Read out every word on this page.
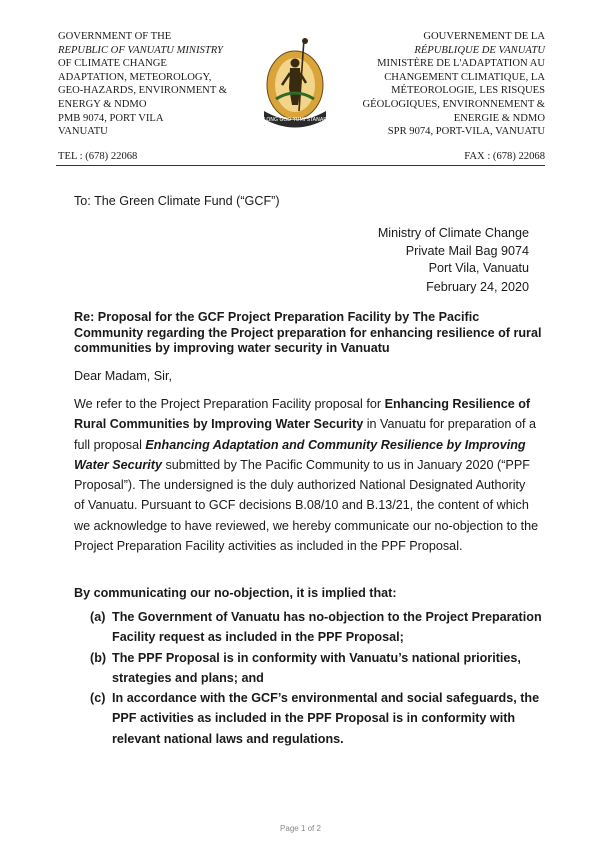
GOVERNMENT OF THE
REPUBLIC OF VANUATU MINISTRY
OF CLIMATE CHANGE
ADAPTATION, METEOROLOGY,
GEO-HAZARDS, ENVIRONMENT &
ENERGY & NDMO
PMB 9074, PORT VILA
VANUATU
LONG GOD YUMI STANAP
GOUVERNEMENT DE LA
RÉPUBLIQUE DE VANUATU
MINISTÈRE DE L'ADAPTATION AU
CHANGEMENT CLIMATIQUE, LA
MÉTEOROLOGIE, LES RISQUES
GÉOLOGIQUES, ENVIRONNEMENT &
ENERGIE & NDMO
SPR 9074, PORT-VILA, VANUATU
TEL : (678) 22068	FAX : (678) 22068
To: The Green Climate Fund (“GCF”)
Ministry of Climate Change
Private Mail Bag 9074
Port Vila, Vanuatu
February 24, 2020
Re: Proposal for the GCF Project Preparation Facility by The Pacific Community regarding the Project preparation for enhancing resilience of rural communities by improving water security in Vanuatu
Dear Madam, Sir,
We refer to the Project Preparation Facility proposal for Enhancing Resilience of Rural Communities by Improving Water Security in Vanuatu for preparation of a full proposal Enhancing Adaptation and Community Resilience by Improving Water Security submitted by The Pacific Community to us in January 2020 (“PPF Proposal”). The undersigned is the duly authorized National Designated Authority of Vanuatu. Pursuant to GCF decisions B.08/10 and B.13/21, the content of which we acknowledge to have reviewed, we hereby communicate our no-objection to the Project Preparation Facility activities as included in the PPF Proposal.
By communicating our no-objection, it is implied that:
(a) The Government of Vanuatu has no-objection to the Project Preparation Facility request as included in the PPF Proposal;
(b) The PPF Proposal is in conformity with Vanuatu’s national priorities, strategies and plans; and
(c) In accordance with the GCF’s environmental and social safeguards, the PPF activities as included in the PPF Proposal is in conformity with relevant national laws and regulations.
Page 1 of 2
